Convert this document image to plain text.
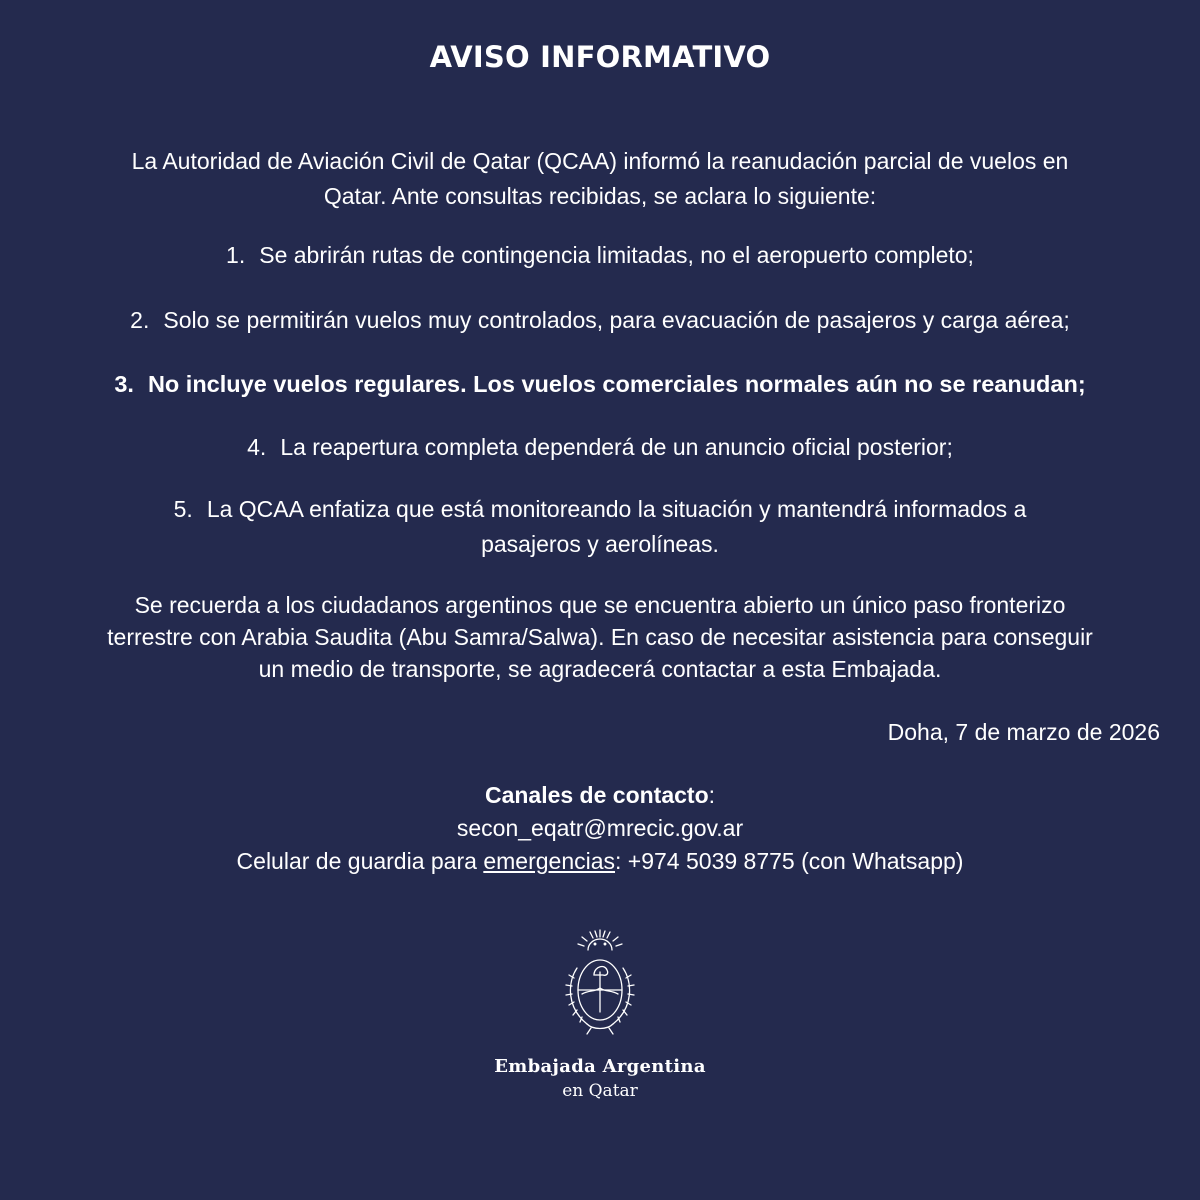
AVISO INFORMATIVO
La Autoridad de Aviación Civil de Qatar (QCAA) informó la reanudación parcial de vuelos en
Qatar. Ante consultas recibidas, se aclara lo siguiente:
1. Se abrirán rutas de contingencia limitadas, no el aeropuerto completo;
2. Solo se permitirán vuelos muy controlados, para evacuación de pasajeros y carga aérea;
3. No incluye vuelos regulares. Los vuelos comerciales normales aún no se reanudan;
4. La reapertura completa dependerá de un anuncio oficial posterior;
5. La QCAA enfatiza que está monitoreando la situación y mantendrá informados a
pasajeros y aerolíneas.
Se recuerda a los ciudadanos argentinos que se encuentra abierto un único paso fronterizo
terrestre con Arabia Saudita (Abu Samra/Salwa). En caso de necesitar asistencia para conseguir
un medio de transporte, se agradecerá contactar a esta Embajada.
Doha, 7 de marzo de 2026
Canales de contacto:
secon_eqatr@mrecic.gov.ar
Celular de guardia para emergencias: +974 5039 8775 (con Whatsapp)
Embajada Argentina
en Qatar
